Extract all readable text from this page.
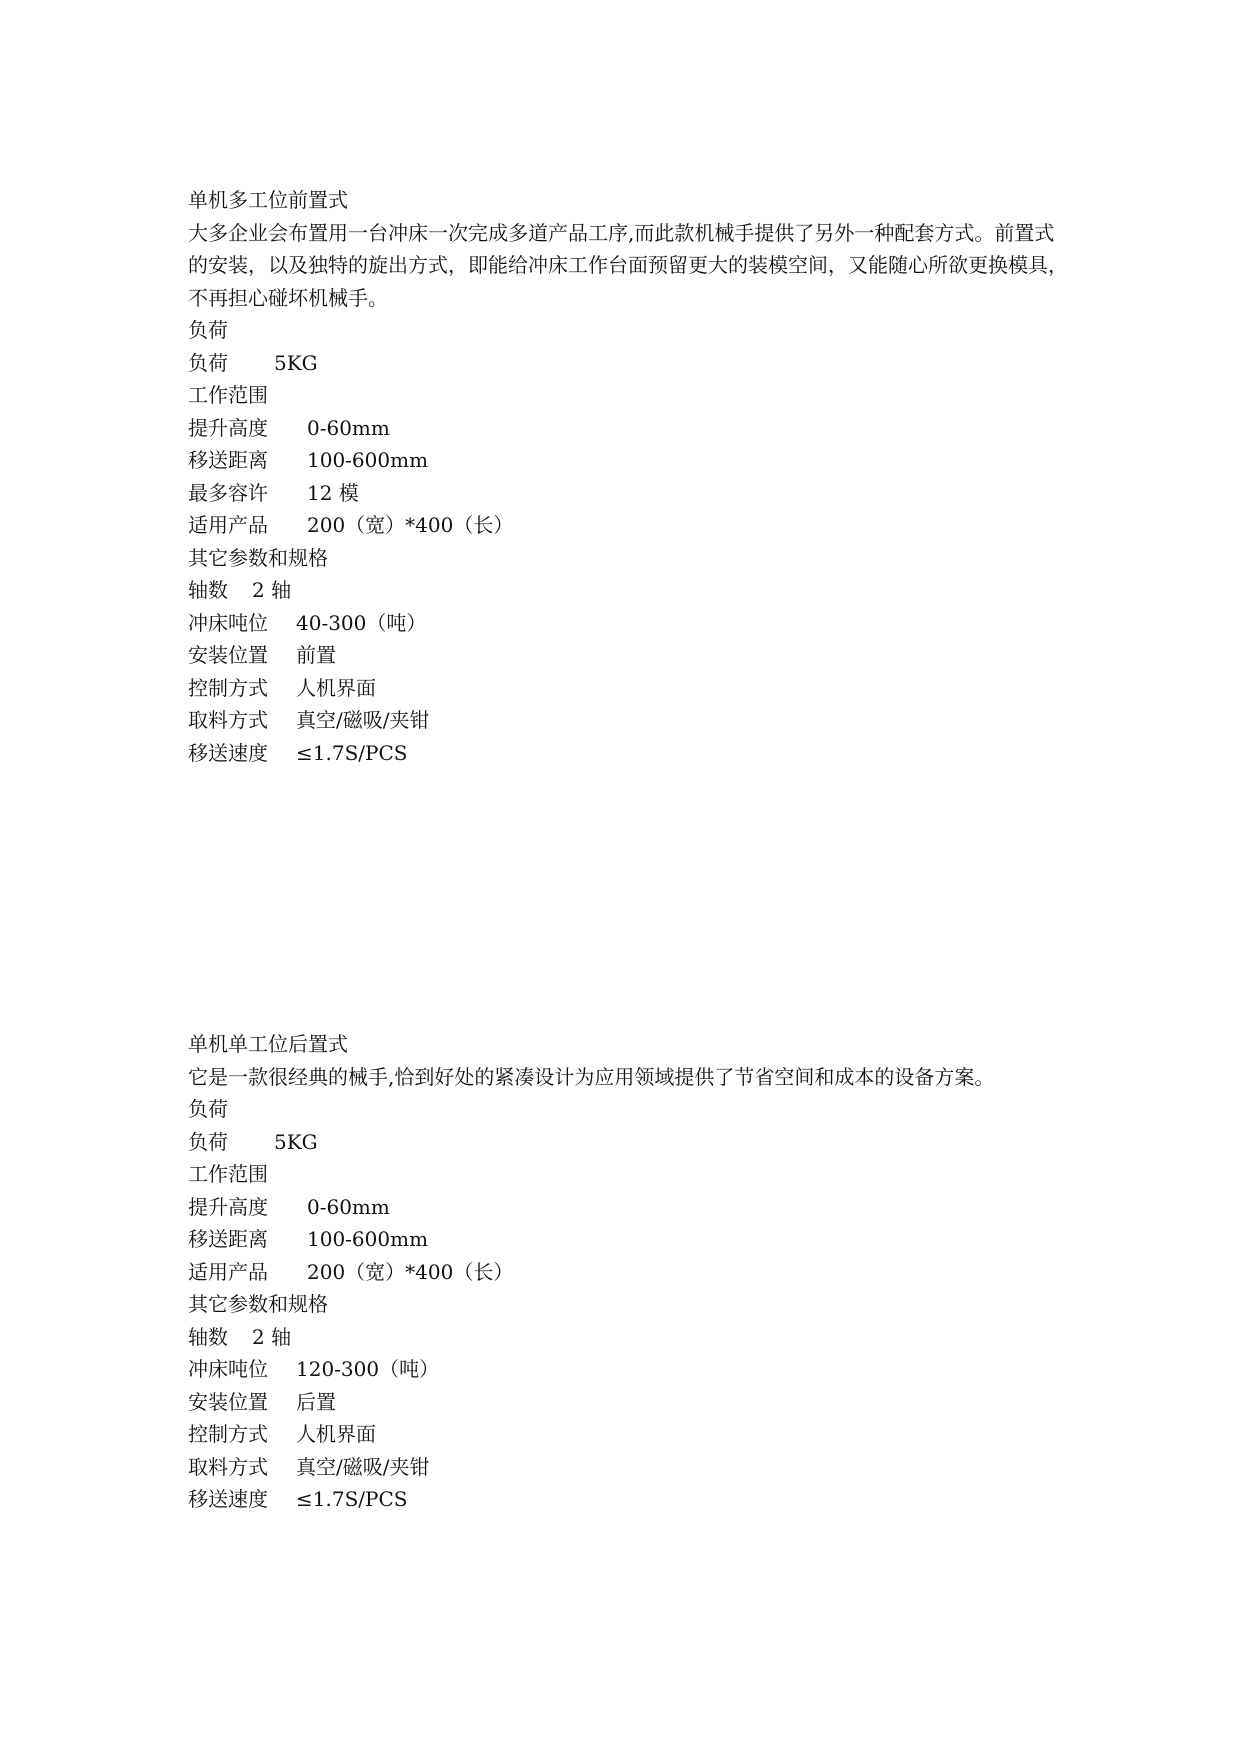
单机多工位前置式
大多企业会布置用一台冲床一次完成多道产品工序,而此款机械手提供了另外一种配套方式。前置式的安装，以及独特的旋出方式，即能给冲床工作台面预留更大的装模空间，又能随心所欲更换模具，不再担心碰坏机械手。
负荷
负荷 5KG
工作范围
提升高度 0-60mm
移送距离 100-600mm
最多容许 12 模
适用产品 200（宽）*400（长）
其它参数和规格
轴数 2 轴
冲床吨位 40-300（吨）
安装位置 前置
控制方式 人机界面
取料方式 真空/磁吸/夹钳
移送速度 ≤1.7S/PCS
单机单工位后置式
它是一款很经典的械手,恰到好处的紧凑设计为应用领域提供了节省空间和成本的设备方案。
负荷
负荷 5KG
工作范围
提升高度 0-60mm
移送距离 100-600mm
适用产品 200（宽）*400（长）
其它参数和规格
轴数 2 轴
冲床吨位 120-300（吨）
安装位置 后置
控制方式 人机界面
取料方式 真空/磁吸/夹钳
移送速度 ≤1.7S/PCS
